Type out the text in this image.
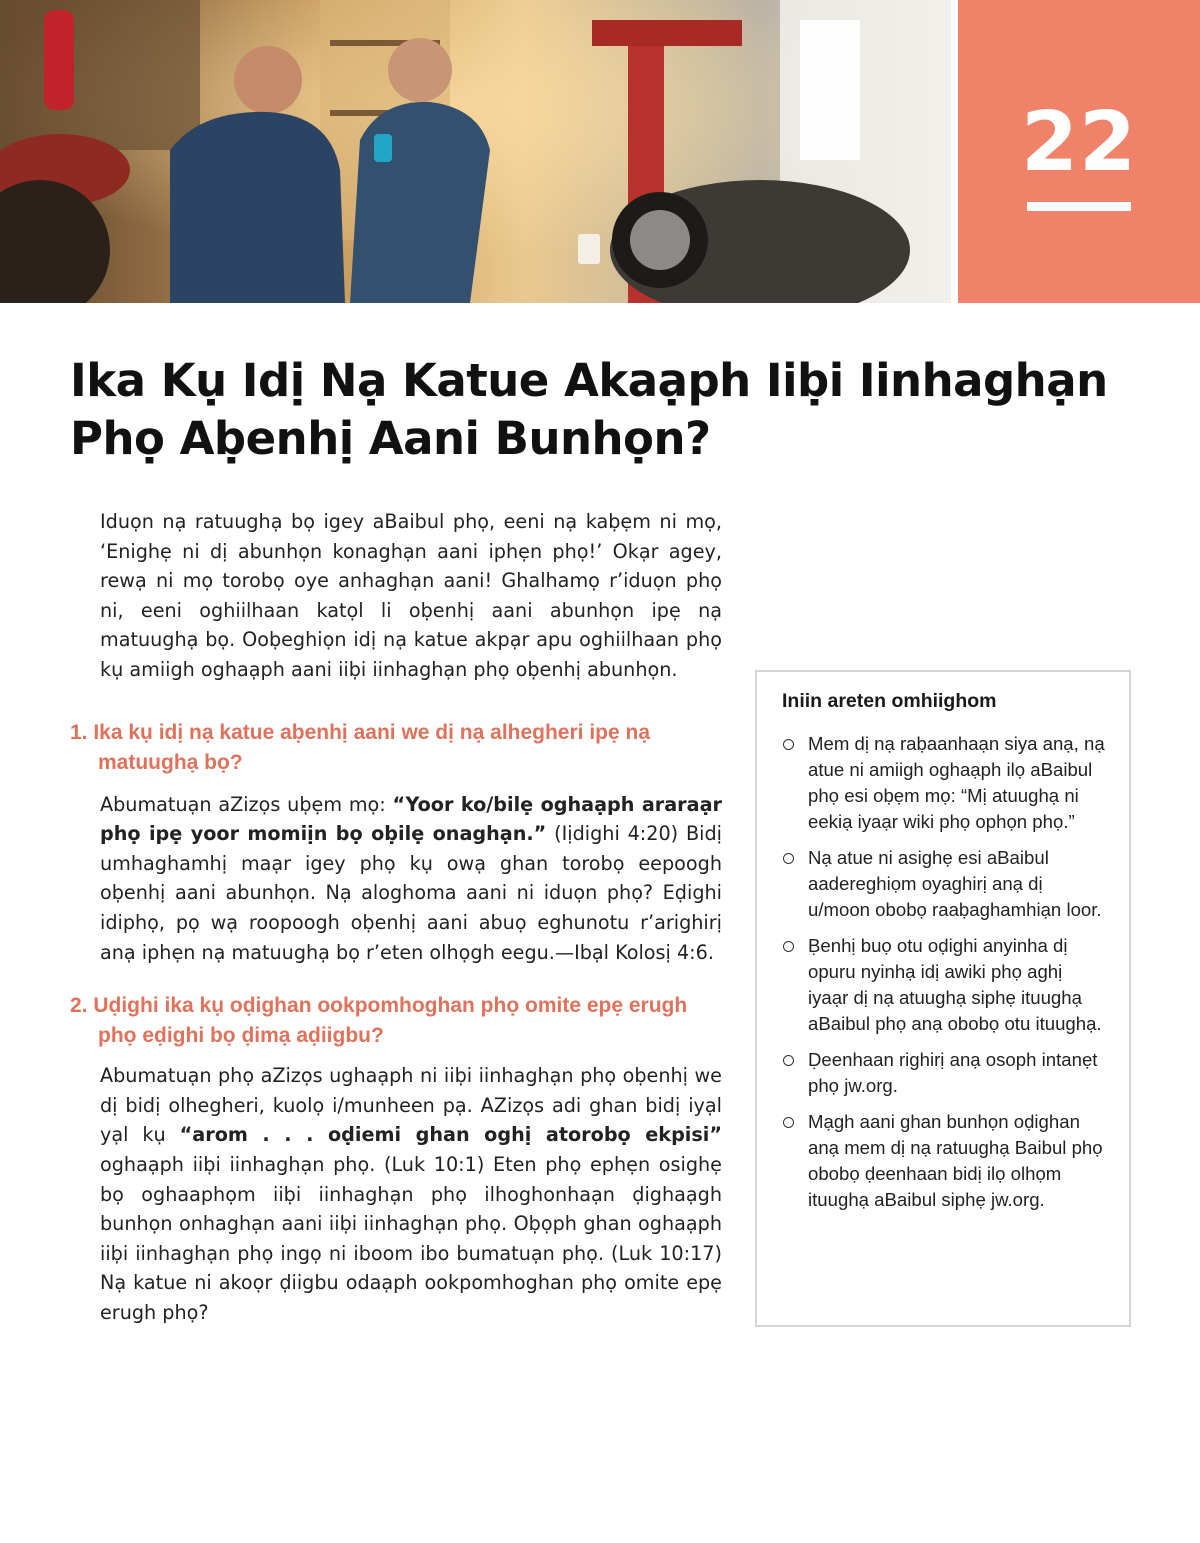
22
Ika Kụ Idị Nạ Katue Akaạph Iiḅi Iinhaghạn Phọ Aḅenhị Aani Bunhọn?

Iduọn nạ ratuughạ bọ igey aBaibul phọ, eeni nạ kaḅẹm ni mọ, ‘Enighẹ ni dị abunhọn konaghạn aani iphẹn phọ!’ Okạr agey, rewạ ni mọ torobọ oye anhaghạn aani! Ghalhamọ r’iduọn phọ ni, eeni oghiilhaan katọl li oḅenhị aani abunhọn ipẹ nạ matuughạ bọ. Ooḅeghiọn idị nạ katue akpạr apu oghiilhaan phọ kụ amiigh oghaạph aani iiḅi iinhaghạn phọ oḅenhị abunhọn.

1. Ika kụ idị nạ katue aḅenhị aani we dị nạ alhegheri ipẹ nạ matuughạ bọ?

Abumatuạn aZizọs uḅẹm mọ: “Yoor ko/bilẹ oghaạph araraạr phọ ipẹ yoor momiịn bọ oḅilẹ onaghạn.” (Iịdighi 4:20) Bidị umhaghamhị maạr igey phọ kụ owạ ghan torobọ eepoogh oḅenhị aani abunhọn. Nạ aloghoma aani ni iduọn phọ? Eḍighi idiphọ, pọ wạ roopoogh oḅenhị aani abuọ eghunotu r’arighirị anạ iphẹn nạ matuughạ bọ r’eten olhọgh eegu.—Ibạl Kolosị 4:6.

2. Uḍighi ika kụ oḍighan ookpomhoghan phọ omite epẹ erugh phọ eḍighi bọ ḍimạ aḍiigbu?

Abumatuạn phọ aZizọs ughaạph ni iiḅi iinhaghạn phọ oḅenhị we dị bidị olhegheri, kuolọ i/munheen pạ. AZizọs adi ghan bidị iyạl yạl kụ “arom . . . oḍiemi ghan oghị atorobọ ekpisi” oghaạph iiḅi iinhaghạn phọ. (Luk 10:1) Eten phọ ephẹn osighẹ bọ oghaaphọm iiḅi iinhaghạn phọ ilhoghonhaạn ḍighaạgh bunhọn onhaghạn aani iiḅi iinhaghạn phọ. Oḅọph ghan oghaạph iiḅi iinhaghạn phọ ingọ ni iboom ibo bumatuạn phọ. (Luk 10:17) Nạ katue ni akoọr ḍiigbu odaạph ookpomhoghan phọ omite epẹ erugh phọ?

Iniin areten omhiighom
Mem dị nạ raḅaanhaạn siya anạ, nạ atue ni amiigh oghaạph ilọ aBaibul phọ esi oḅẹm mọ: “Mị atuughạ ni eekiạ iyaạr wiki phọ ophọn phọ.”
Nạ atue ni asighẹ esi aBaibul aadereghiọm oyaghirị anạ dị u/moon obobọ raaḅaghamhiạn loor.
Ḅenhị buọ otu oḍighi anyinha dị opuru nyinhạ idị awiki phọ aghị iyaạr dị nạ atuughạ siphẹ ituughạ aBaibul phọ anạ obobọ otu ituughạ.
Ḍeenhaan righirị anạ osoph intanẹt phọ jw.org.
Mạgh aani ghan bunhọn oḍighan anạ mem dị nạ ratuughạ Baibul phọ obobọ ḍeenhaan bidị ilọ olhọm ituughạ aBaibul siphẹ jw.org.
